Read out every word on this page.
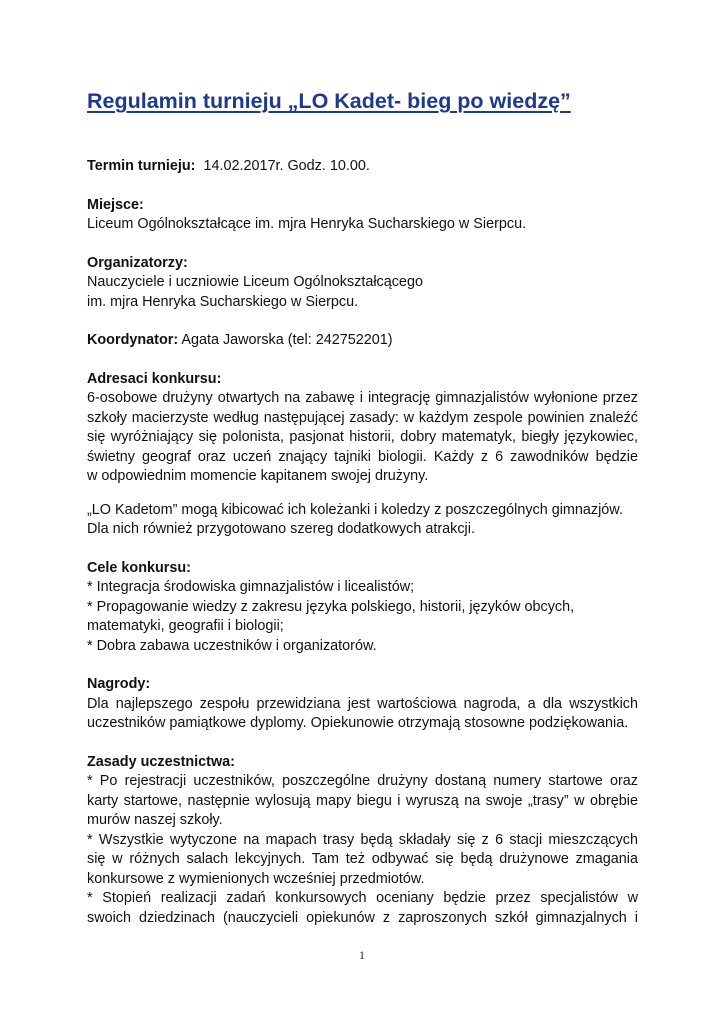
Regulamin turnieju „LO Kadet- bieg po wiedzę”
Termin turnieju: 14.02.2017r. Godz. 10.00.
Miejsce:
Liceum Ogólnokształcące im. mjra Henryka Sucharskiego w Sierpcu.
Organizatorzy:
Nauczyciele i uczniowie Liceum Ogólnokształcącego
im. mjra Henryka Sucharskiego w Sierpcu.
Koordynator: Agata Jaworska (tel: 242752201)
Adresaci konkursu:
6-osobowe drużyny otwartych na zabawę i integrację gimnazjalistów wyłonione przez
szkoły macierzyste według następującej zasady: w każdym zespole powinien znaleźć
się wyróżniający się polonista, pasjonat historii, dobry matematyk, biegły językowiec,
świetny geograf oraz uczeń znający tajniki biologii. Każdy z 6 zawodników będzie
w odpowiednim momencie kapitanem swojej drużyny.
„LO Kadetom” mogą kibicować ich koleżanki i koledzy z poszczególnych gimnazjów.
Dla nich również przygotowano szereg dodatkowych atrakcji.
Cele konkursu:
* Integracja środowiska gimnazjalistów i licealistów;
* Propagowanie wiedzy z zakresu języka polskiego, historii, języków obcych,
matematyki, geografii i biologii;
* Dobra zabawa uczestników i organizatorów.
Nagrody:
Dla najlepszego zespołu przewidziana jest wartościowa nagroda, a dla wszystkich
uczestników pamiątkowe dyplomy. Opiekunowie otrzymają stosowne podziękowania.
Zasady uczestnictwa:
* Po rejestracji uczestników, poszczególne drużyny dostaną numery startowe oraz
karty startowe, następnie wylosują mapy biegu i wyruszą na swoje „trasy” w obrębie
murów naszej szkoły.
* Wszystkie wytyczone na mapach trasy będą składały się z 6 stacji mieszczących
się w różnych salach lekcyjnych. Tam też odbywać się będą drużynowe zmagania
konkursowe z wymienionych wcześniej przedmiotów.
* Stopień realizacji zadań konkursowych oceniany będzie przez specjalistów w
swoich dziedzinach (nauczycieli opiekunów z zaproszonych szkół gimnazjalnych i
1
